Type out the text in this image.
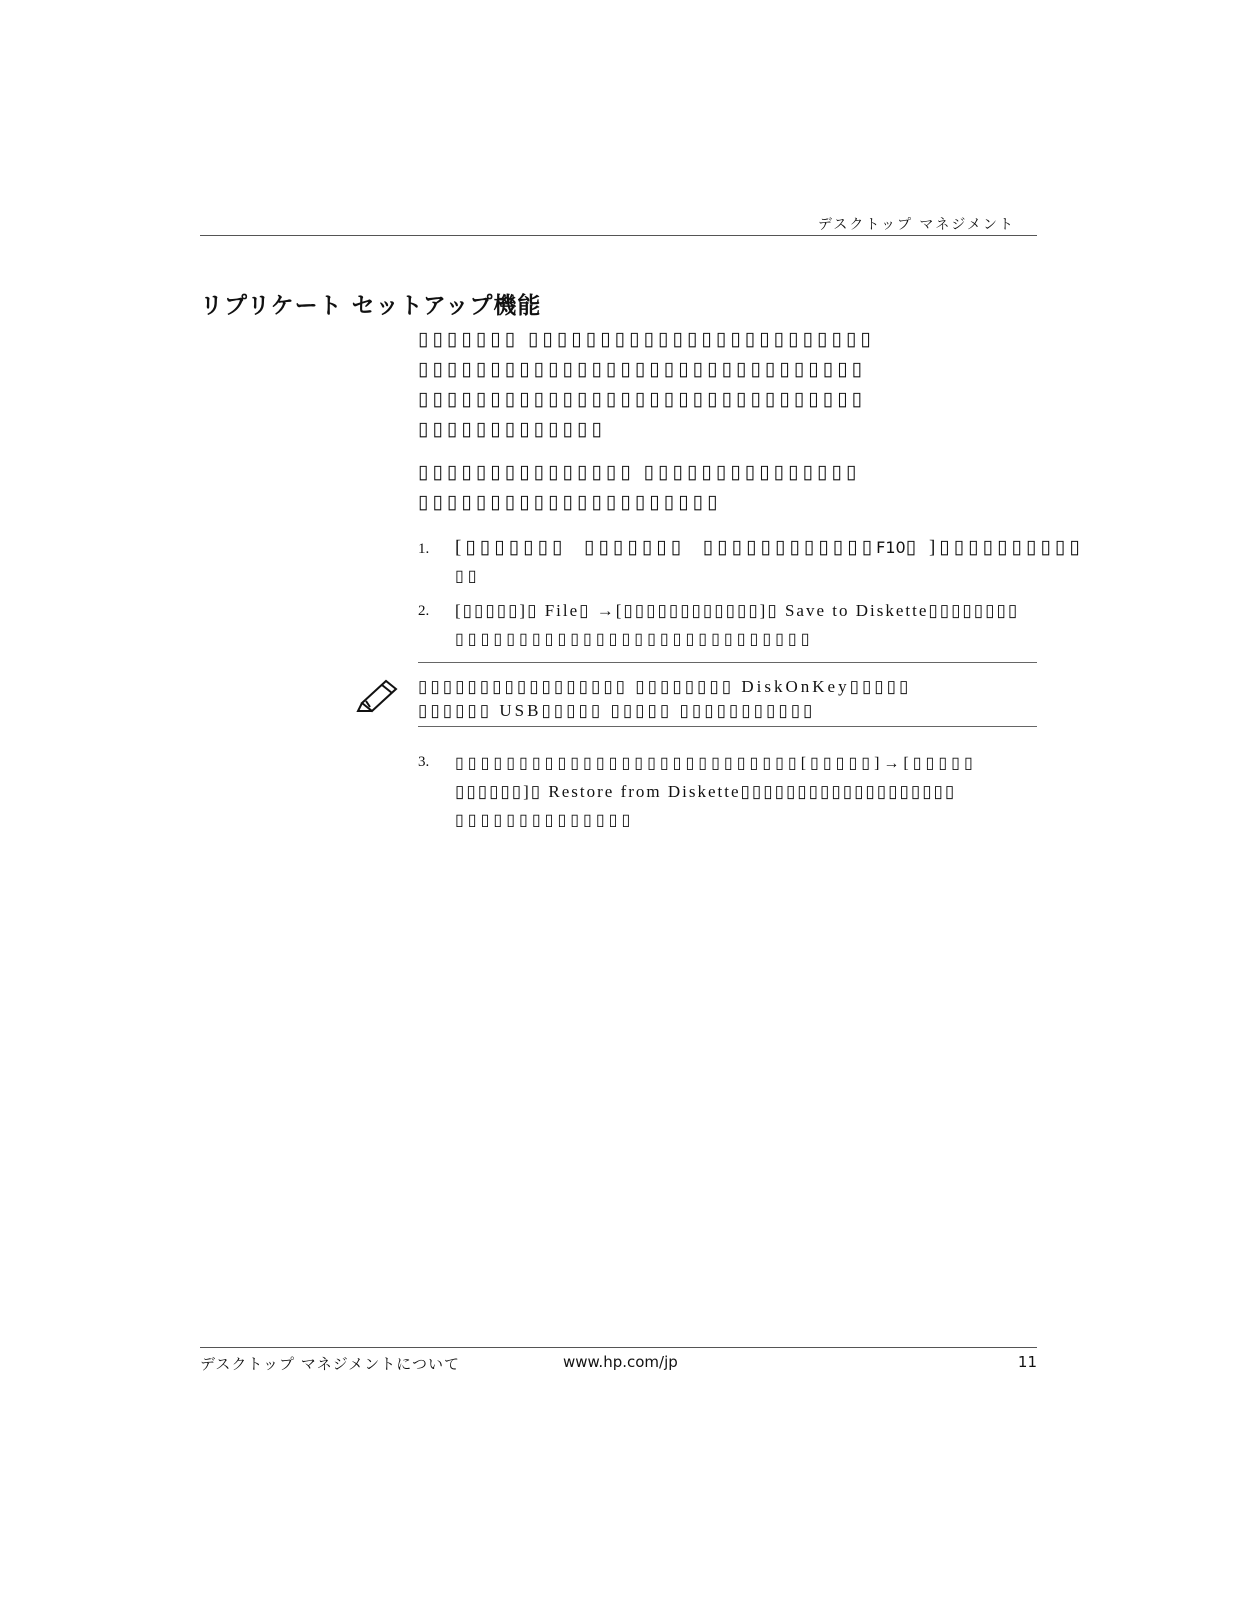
デスクトップ マネジメント
リプリケート セットアップ機能
▯▯▯▯▯▯▯ ▯▯▯▯▯▯▯▯▯▯▯▯▯▯▯▯▯▯▯▯▯▯▯▯
▯▯▯▯▯▯▯▯▯▯▯▯▯▯▯▯▯▯▯▯▯▯▯▯▯▯▯▯▯▯▯
▯▯▯▯▯▯▯▯▯▯▯▯▯▯▯▯▯▯▯▯▯▯▯▯▯▯▯▯▯▯▯
▯▯▯▯▯▯▯▯▯▯▯▯▯
▯▯▯▯▯▯▯▯▯▯▯▯▯▯▯ ▯▯▯▯▯▯▯▯▯▯▯▯▯▯▯
▯▯▯▯▯▯▯▯▯▯▯▯▯▯▯▯▯▯▯▯▯
1. [▯▯▯▯▯▯▯  ▯▯▯▯▯▯▯  ▯▯▯▯▯▯▯▯▯▯▯▯F10▯ ]▯▯▯▯▯▯▯▯▯▯
▯▯
2. [▯▯▯▯▯]▯ File▯ →[▯▯▯▯▯▯▯▯▯▯▯▯]▯ Save to Diskette▯▯▯▯▯▯▯▯
▯▯▯▯▯▯▯▯▯▯▯▯▯▯▯▯▯▯▯▯▯▯▯▯▯▯▯▯
▯▯▯▯▯▯▯▯▯▯▯▯▯▯▯▯▯ ▯▯▯▯▯▯▯▯ DiskOnKey▯▯▯▯▯
▯▯▯▯▯▯ USB▯▯▯▯▯ ▯▯▯▯▯ ▯▯▯▯▯▯▯▯▯▯▯
3. ▯▯▯▯▯▯▯▯▯▯▯▯▯▯▯▯▯▯▯▯▯▯▯▯▯▯▯[▯▯▯▯▯]→[▯▯▯▯▯
▯▯▯▯▯▯]▯ Restore from Diskette▯▯▯▯▯▯▯▯▯▯▯▯▯▯▯▯▯▯▯
▯▯▯▯▯▯▯▯▯▯▯▯▯▯
デスクトップ マネジメントについて	www.hp.com/jp	11
